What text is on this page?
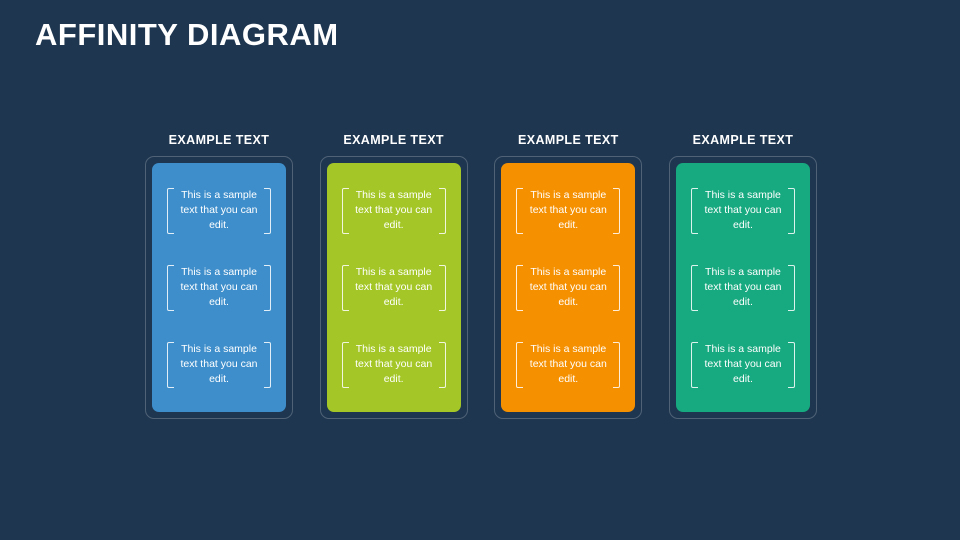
AFFINITY DIAGRAM
EXAMPLE TEXT
This is a sample text that you can edit.
This is a sample text that you can edit.
This is a sample text that you can edit.
EXAMPLE TEXT
This is a sample text that you can edit.
This is a sample text that you can edit.
This is a sample text that you can edit.
EXAMPLE TEXT
This is a sample text that you can edit.
This is a sample text that you can edit.
This is a sample text that you can edit.
EXAMPLE TEXT
This is a sample text that you can edit.
This is a sample text that you can edit.
This is a sample text that you can edit.
